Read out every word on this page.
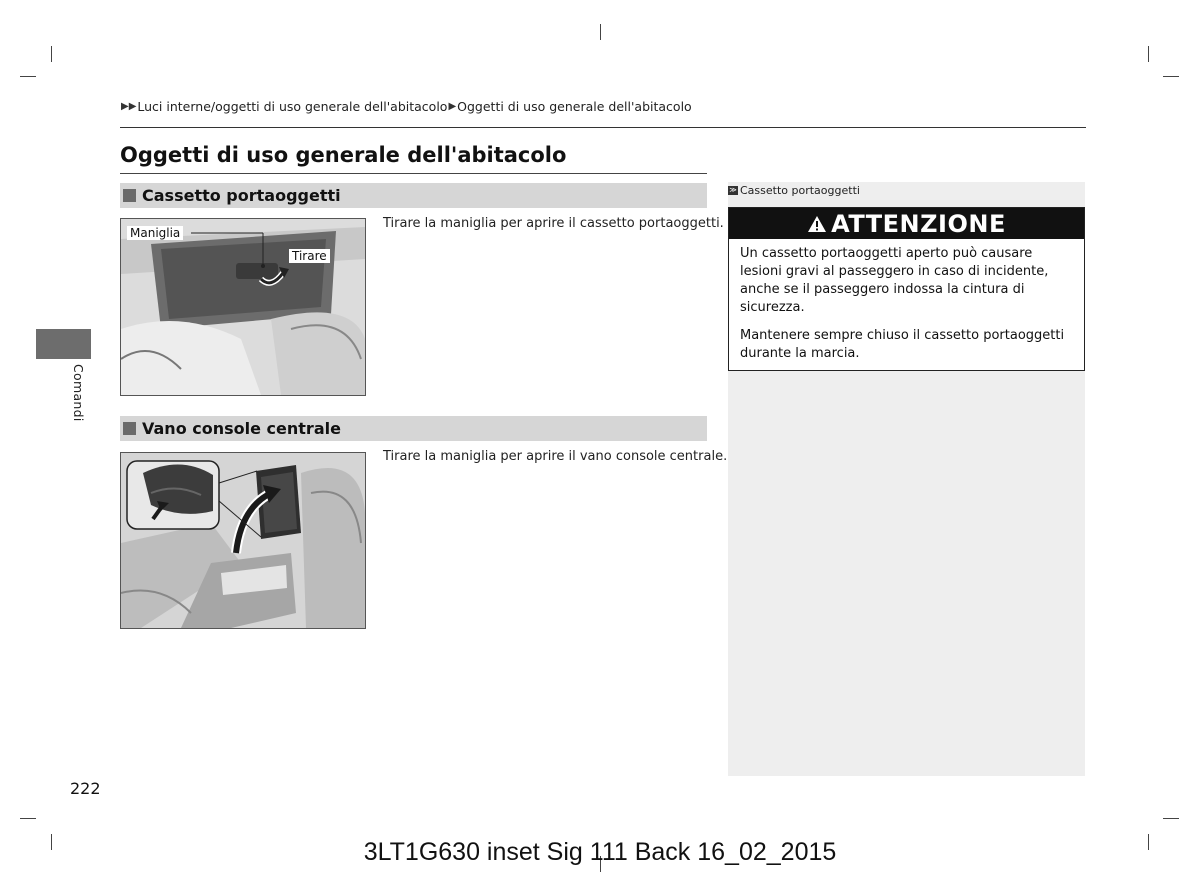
▶▶ Luci interne/oggetti di uso generale dell'abitacolo ▶ Oggetti di uso generale dell'abitacolo
Oggetti di uso generale dell'abitacolo
Cassetto portaoggetti
Maniglia
Tirare
Tirare la maniglia per aprire il cassetto portaoggetti.
Vano console centrale
Tirare la maniglia per aprire il vano console centrale.
Comandi
222
≫ Cassetto portaoggetti
ATTENZIONE

Un cassetto portaoggetti aperto può causare lesioni gravi al passeggero in caso di incidente, anche se il passeggero indossa la cintura di sicurezza.

Mantenere sempre chiuso il cassetto portaoggetti durante la marcia.

3LT1G630 inset Sig 111 Back 16_02_2015
